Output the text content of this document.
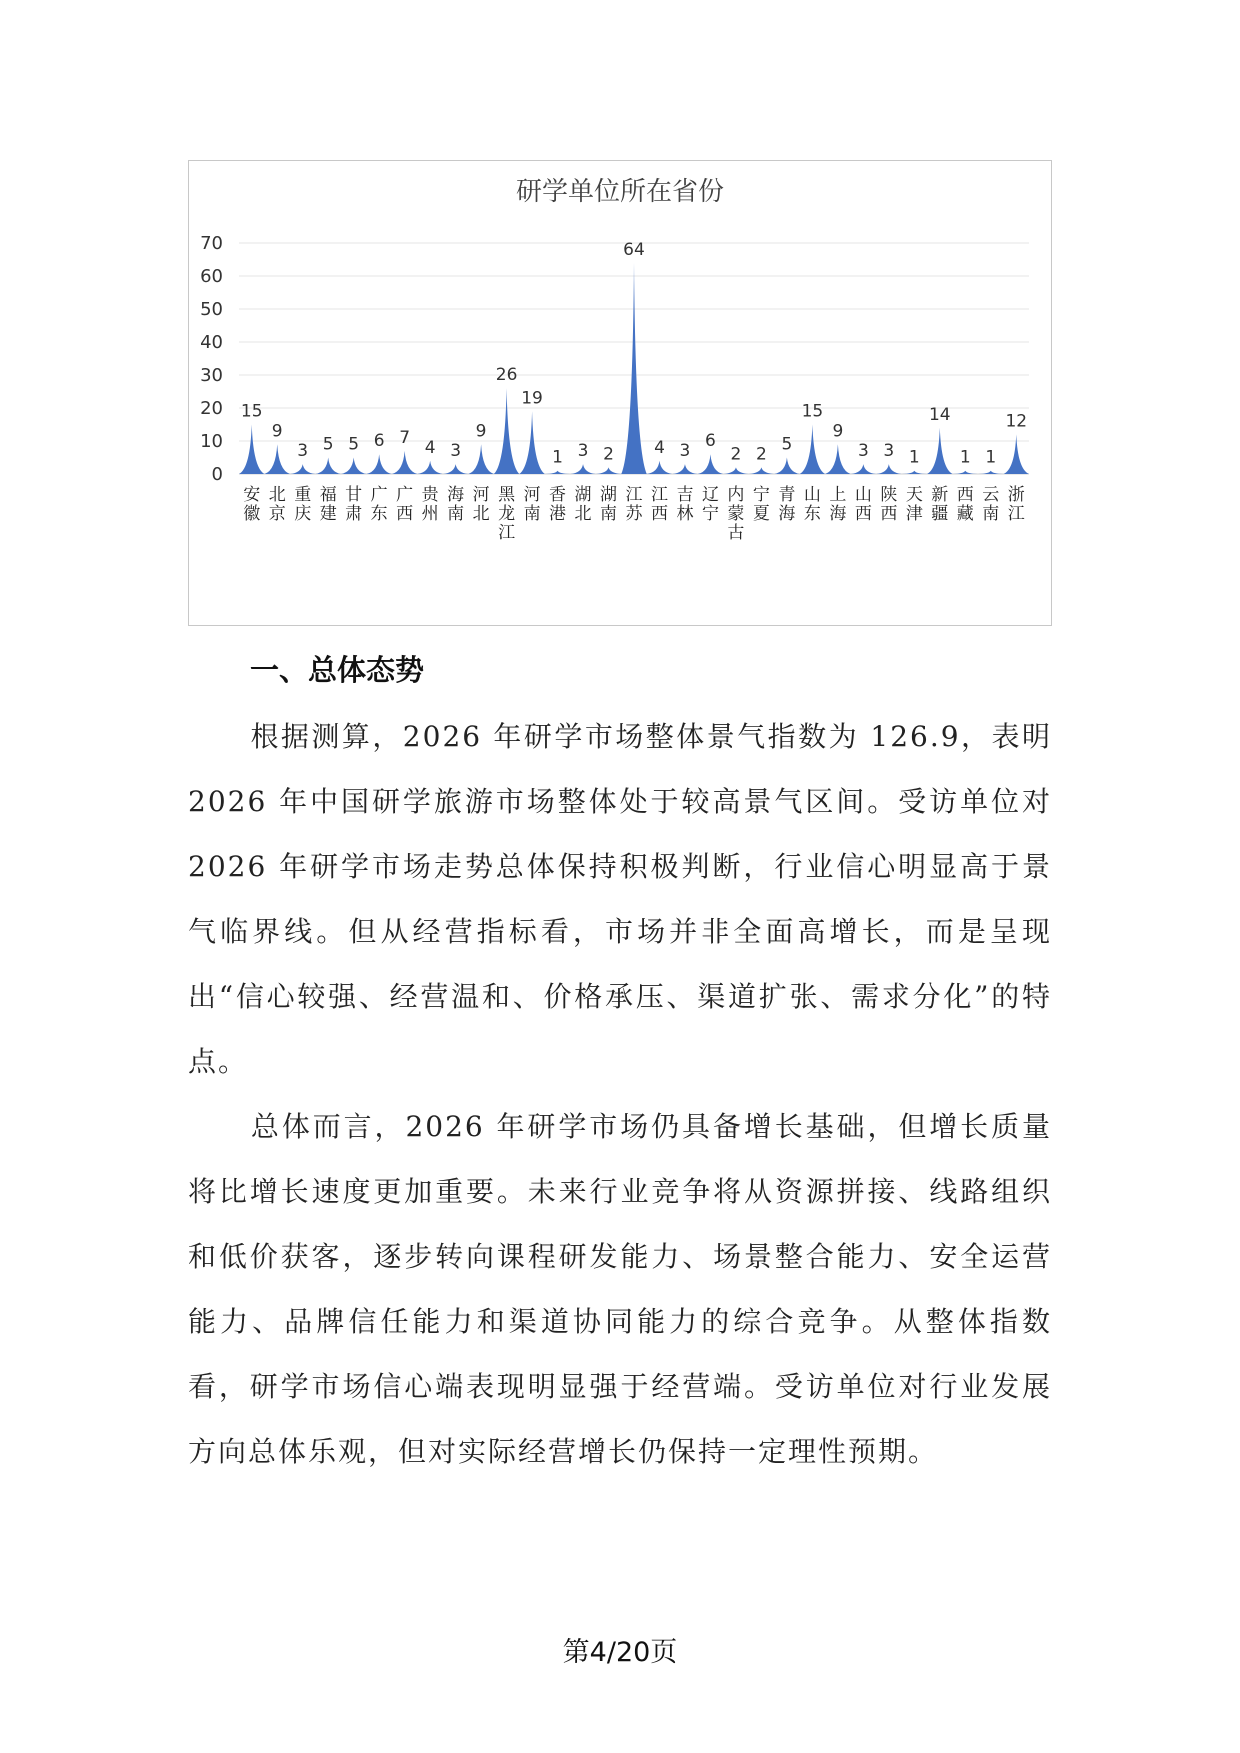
研学单位所在省份
0
10
20
30
40
50
60
70
15
9
3 5 5 6 7 4 3
9
26
19
1 3 2
64
4 3 6
2 2 5
15
9
3 3 1
14
1 1
12
安徽
北京
重庆
福建
甘肃
广东
广西
贵州
海南
河北
黑龙江
河南
香港
湖北
湖南
江苏
江西
吉林
辽宁
内蒙古
宁夏
青海
山东
上海
山西
陕西
天津
新疆
西藏
云南
浙江
一、总体态势

根据测算，2026 年研学市场整体景气指数为 126.9，表明 2026 年中国研学旅游市场整体处于较高景气区间。受访单位对 2026 年研学市场走势总体保持积极判断，行业信心明显高于景气临界线。但从经营指标看，市场并非全面高增长，而是呈现出“信心较强、经营温和、价格承压、渠道扩张、需求分化”的特点。

总体而言，2026 年研学市场仍具备增长基础，但增长质量将比增长速度更加重要。未来行业竞争将从资源拼接、线路组织和低价获客，逐步转向课程研发能力、场景整合能力、安全运营能力、品牌信任能力和渠道协同能力的综合竞争。从整体指数看，研学市场信心端表现明显强于经营端。受访单位对行业发展方向总体乐观，但对实际经营增长仍保持一定理性预期。

第4/20页
